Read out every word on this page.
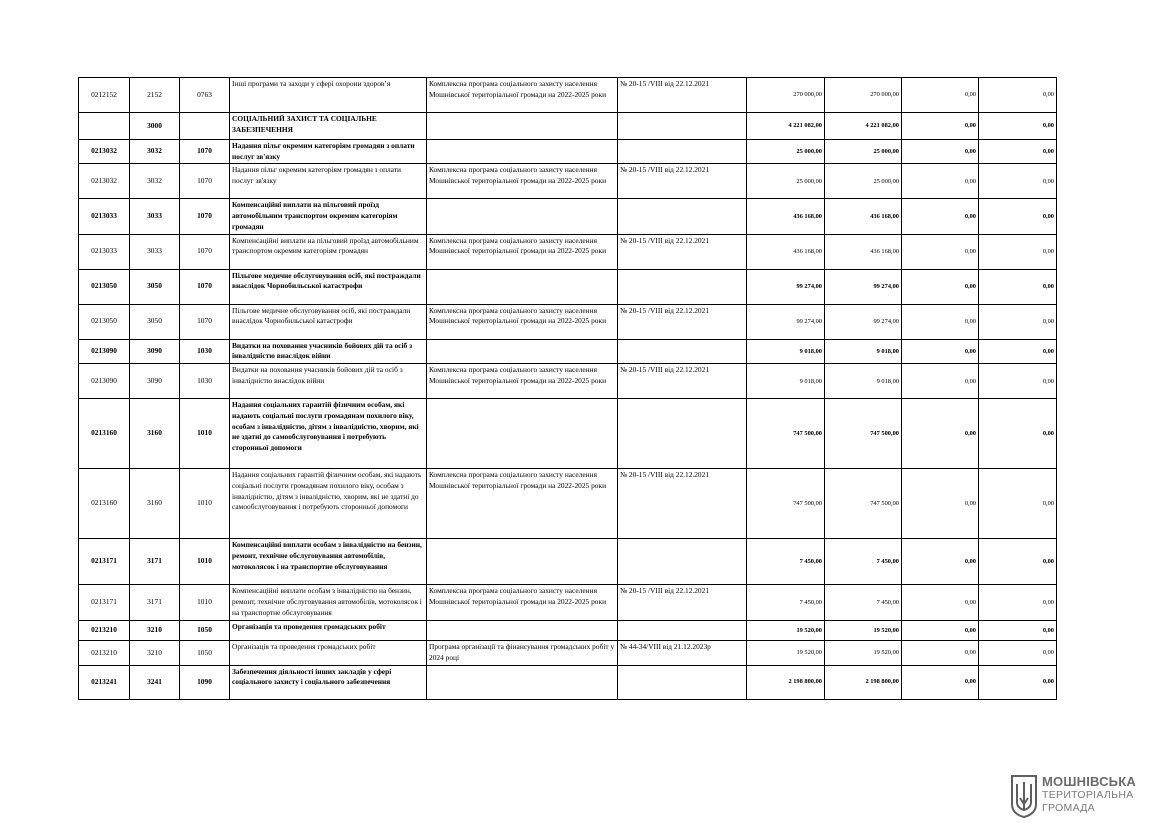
0212152	2152	0763	Інші програми та заходи у сфері охорони здоров’я	Комплексна програма соціального захисту населення Мошнівської територіальної громади на 2022-2025 роки	№ 20-15 /VIII від 22.12.2021	270 000,00	270 000,00	0,00	0,00
	3000		СОЦІАЛЬНИЙ ЗАХИСТ ТА СОЦІАЛЬНЕ ЗАБЕЗПЕЧЕННЯ			4 221 082,00	4 221 082,00	0,00	0,00
0213032	3032	1070	Надання пільг окремим категоріям громадян з оплати послуг зв'язку			25 000,00	25 000,00	0,00	0,00
0213032	3032	1070	Надання пільг окремим категоріям громадян з оплати послуг зв'язку	Комплексна програма соціального захисту населення Мошнівської територіальної громади на 2022-2025 роки	№ 20-15 /VIII від 22.12.2021	25 000,00	25 000,00	0,00	0,00
0213033	3033	1070	Компенсаційні виплати на пільговий проїзд автомобільним транспортом окремим категоріям громадян			436 168,00	436 168,00	0,00	0,00
0213033	3033	1070	Компенсаційні виплати на пільговий проїзд автомобільним транспортом окремим категоріям громадян	Комплексна програма соціального захисту населення Мошнівської територіальної громади на 2022-2025 роки	№ 20-15 /VIII від 22.12.2021	436 168,00	436 168,00	0,00	0,00
0213050	3050	1070	Пільгове медичне обслуговування осіб, які постраждали внаслідок Чорнобильської катастрофи			99 274,00	99 274,00	0,00	0,00
0213050	3050	1070	Пільгове медичне обслуговування осіб, які постраждали внаслідок Чорнобильської катастрофи	Комплексна програма соціального захисту населення Мошнівської територіальної громади на 2022-2025 роки	№ 20-15 /VIII від 22.12.2021	99 274,00	99 274,00	0,00	0,00
0213090	3090	1030	Видатки на поховання учасників бойових дій та осіб з інвалідністю внаслідок війни			9 018,00	9 018,00	0,00	0,00
0213090	3090	1030	Видатки на поховання учасників бойових дій та осіб з інвалідністю внаслідок війни	Комплексна програма соціального захисту населення Мошнівської територіальної громади на 2022-2025 роки	№ 20-15 /VIII від 22.12.2021	9 018,00	9 018,00	0,00	0,00
0213160	3160	1010	Надання соціальних гарантій фізичним особам, які надають соціальні послуги громадянам похилого віку, особам з інвалідністю, дітям з інвалідністю, хворим, які не здатні до самообслуговування і потребують сторонньої допомоги			747 500,00	747 500,00	0,00	0,00
0213160	3160	1010	Надання соціальних гарантій фізичним особам, які надають соціальні послуги громадянам похилого віку, особам з інвалідністю, дітям з інвалідністю, хворим, які не здатні до самообслуговування і потребують сторонньої допомоги	Комплексна програма соціального захисту населення Мошнівської територіальної громади на 2022-2025 роки	№ 20-15 /VIII від 22.12.2021	747 500,00	747 500,00	0,00	0,00
0213171	3171	1010	Компенсаційні виплати особам з інвалідністю на бензин, ремонт, технічне обслуговування автомобілів, мотоколясок і на транспортне обслуговування			7 450,00	7 450,00	0,00	0,00
0213171	3171	1010	Компенсаційні виплати особам з інвалідністю на бензин, ремонт, технічне обслуговування автомобілів, мотоколясок і на транспортне обслуговування	Комплексна програма соціального захисту населення Мошнівської територіальної громади на 2022-2025 роки	№ 20-15 /VIII від 22.12.2021	7 450,00	7 450,00	0,00	0,00
0213210	3210	1050	Організація та проведення громадських робіт			19 520,00	19 520,00	0,00	0,00
0213210	3210	1050	Організація та проведення громадських робіт	Програма організації та фінансування громадських робіт у 2024 році	№ 44-34/VIII від 21.12.2023р	19 520,00	19 520,00	0,00	0,00
0213241	3241	1090	Забезпечення діяльності інших закладів у сфері соціального захисту і соціального забезпечення			2 198 800,00	2 198 800,00	0,00	0,00
МОШНІВСЬКА
ТЕРИТОРІАЛЬНА
ГРОМАДА
